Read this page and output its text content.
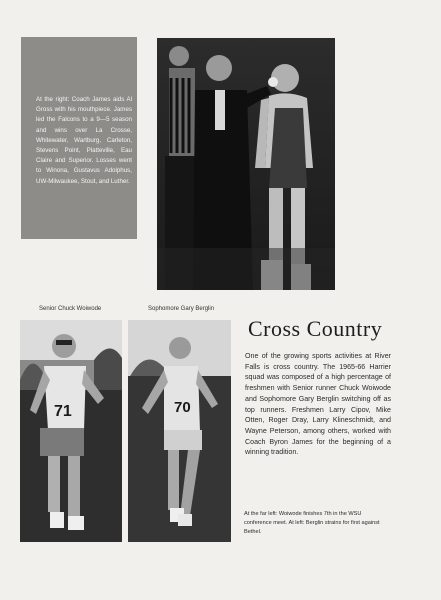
At the right: Coach James aids Al Gross with his mouthpiece. James led the Falcons to a 9—5 season and wins over La Crosse, Whitewater, Wartburg, Carleton, Stevens Point, Platteville, Eau Claire and Superior. Losses went to Winona, Gustavus Adolphus, UW-Milwaukee, Stout, and Luther.
Senior Chuck Woiwode	Sophomore Gary Berglin
71	70
Cross Country
One of the growing sports activities at River Falls is cross country. The 1965-66 Harrier squad was composed of a high percentage of freshmen with Senior runner Chuck Woiwode and Sophomore Gary Berglin switching off as top runners. Freshmen Larry Cipov, Mike Otten, Roger Dray, Larry Klineschmidt, and Wayne Peterson, among others, worked with Coach Byron James for the beginning of a winning tradition.
At the far left: Woiwode finishes 7th in the WSU conference meet. At left: Berglin strains for first against Bethel.
